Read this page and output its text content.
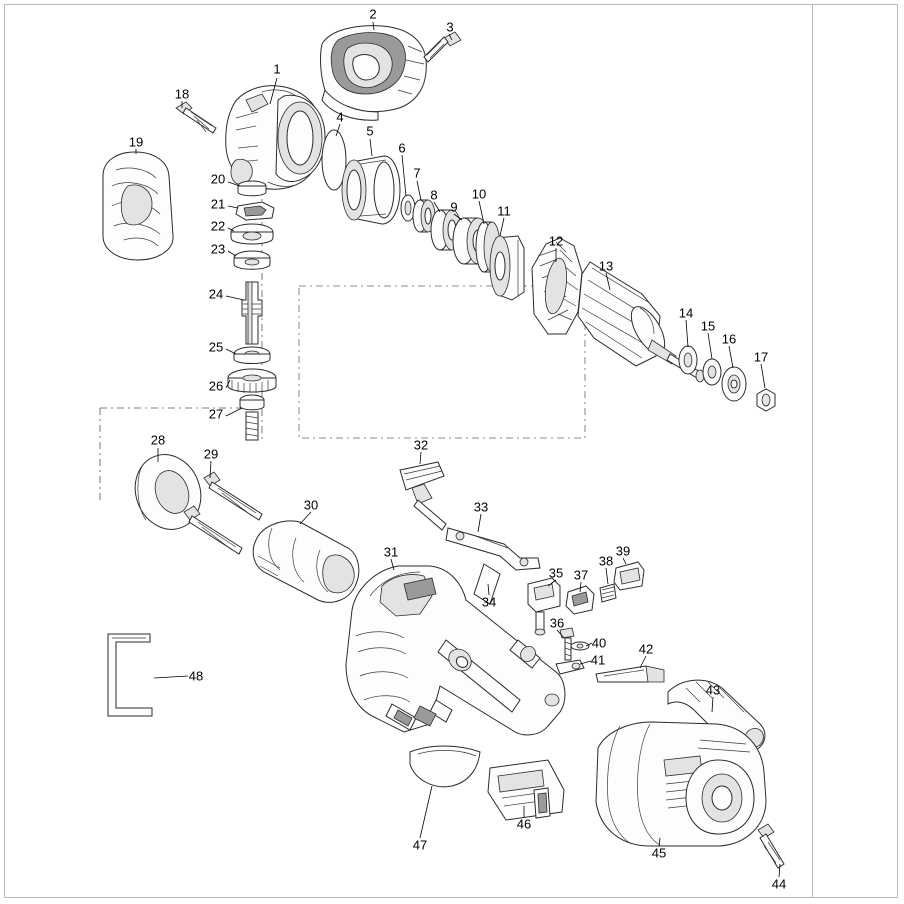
1
2
3
4
5
6
7
8
9
10
11
12
13
14
15
16
17
18
19
20
21
22
23
24
25
26
27
28
29
30
31
32
33
34
35
36
37
38
39
40
41
42
43
44
45
46
47
48
